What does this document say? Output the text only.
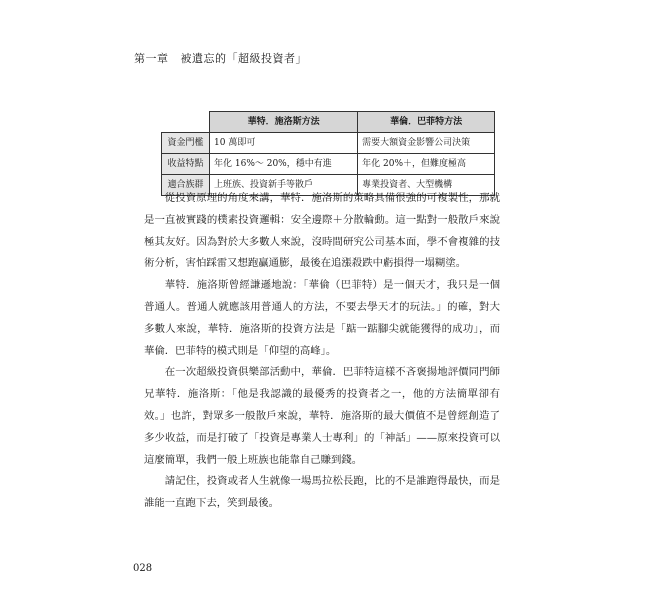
第一章 被遺忘的「超級投資者」
	華特．施洛斯方法	華倫．巴菲特方法
資金門檻	10 萬即可	需要大額資金影響公司決策
收益特點	年化 16%～ 20%，穩中有進	年化 20%＋，但難度極高
適合族群	上班族、投資新手等散戶	專業投資者、大型機構

從投資原理的角度來講，華特．施洛斯的策略具備很強的可複製性，那就是一直被實踐的樸素投資邏輯：安全邊際＋分散輪動。這一點對一般散戶來說極其友好。因為對於大多數人來說，沒時間研究公司基本面，學不會複雜的技術分析，害怕踩雷又想跑贏通膨，最後在追漲殺跌中虧損得一塌糊塗。

華特．施洛斯曾經謙遜地說：「華倫（巴菲特）是一個天才，我只是一個普通人。普通人就應該用普通人的方法，不要去學天才的玩法。」的確，對大多數人來說，華特．施洛斯的投資方法是「踮一踮腳尖就能獲得的成功」，而華倫．巴菲特的模式則是「仰望的高峰」。

在一次超級投資俱樂部活動中，華倫．巴菲特這樣不吝褒揚地評價同門師兄華特．施洛斯：「他是我認識的最優秀的投資者之一，他的方法簡單卻有效。」也許，對眾多一般散戶來說，華特．施洛斯的最大價值不是曾經創造了多少收益，而是打破了「投資是專業人士專利」的「神話」——原來投資可以這麼簡單，我們一般上班族也能靠自己賺到錢。

請記住，投資或者人生就像一場馬拉松長跑，比的不是誰跑得最快，而是誰能一直跑下去，笑到最後。

028
